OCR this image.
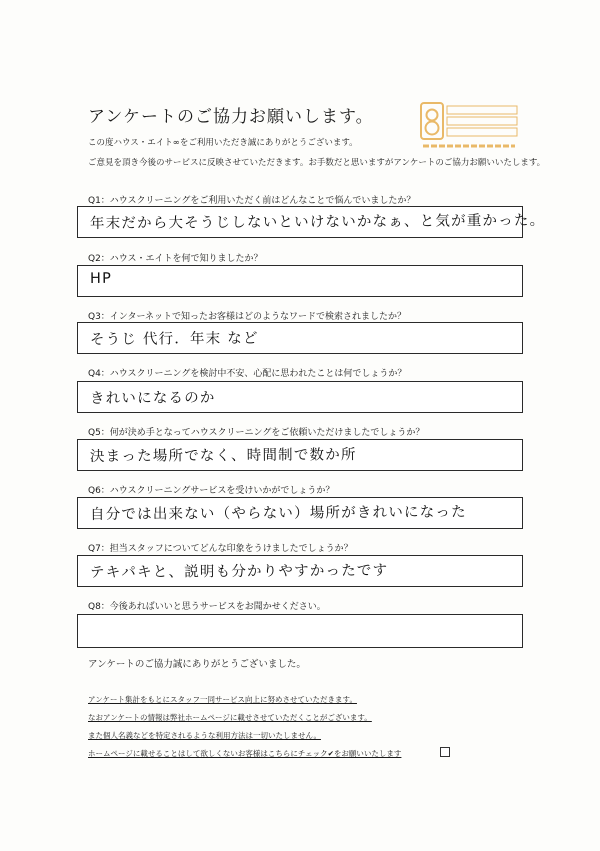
アンケートのご協力お願いします。
この度ハウス・エイト∞をご利用いただき誠にありがとうございます。
ご意見を頂き今後のサービスに反映させていただきます。お手数だと思いますがアンケートのご協力お願いいたします。
Q1：ハウスクリーニングをご利用いただく前はどんなことで悩んでいましたか？
年末だから大そうじしないといけないかなぁ、と気が重かった。
Q2：ハウス・エイトを何で知りましたか？
HP
Q3：インターネットで知ったお客様はどのようなワードで検索されましたか？
そうじ 代行．年末 など
Q4：ハウスクリーニングを検討中不安、心配に思われたことは何でしょうか？
きれいになるのか
Q5：何が決め手となってハウスクリーニングをご依頼いただけましたでしょうか？
決まった場所でなく、時間制で数か所
Q6：ハウスクリーニングサービスを受けいかがでしょうか？
自分では出来ない（やらない）場所がきれいになった
Q7：担当スタッフについてどんな印象をうけましたでしょうか？
テキパキと、説明も分かりやすかったです
Q8：今後あればいいと思うサービスをお聞かせください。
アンケートのご協力誠にありがとうございました。
アンケート集計をもとにスタッフ一同サービス向上に努めさせていただきます。
なおアンケートの情報は弊社ホームページに載せさせていただくことがございます。
また個人名義などを特定されるような利用方法は一切いたしません。
ホームページに載せることはして欲しくないお客様はこちらにチェック✔をお願いいたします
